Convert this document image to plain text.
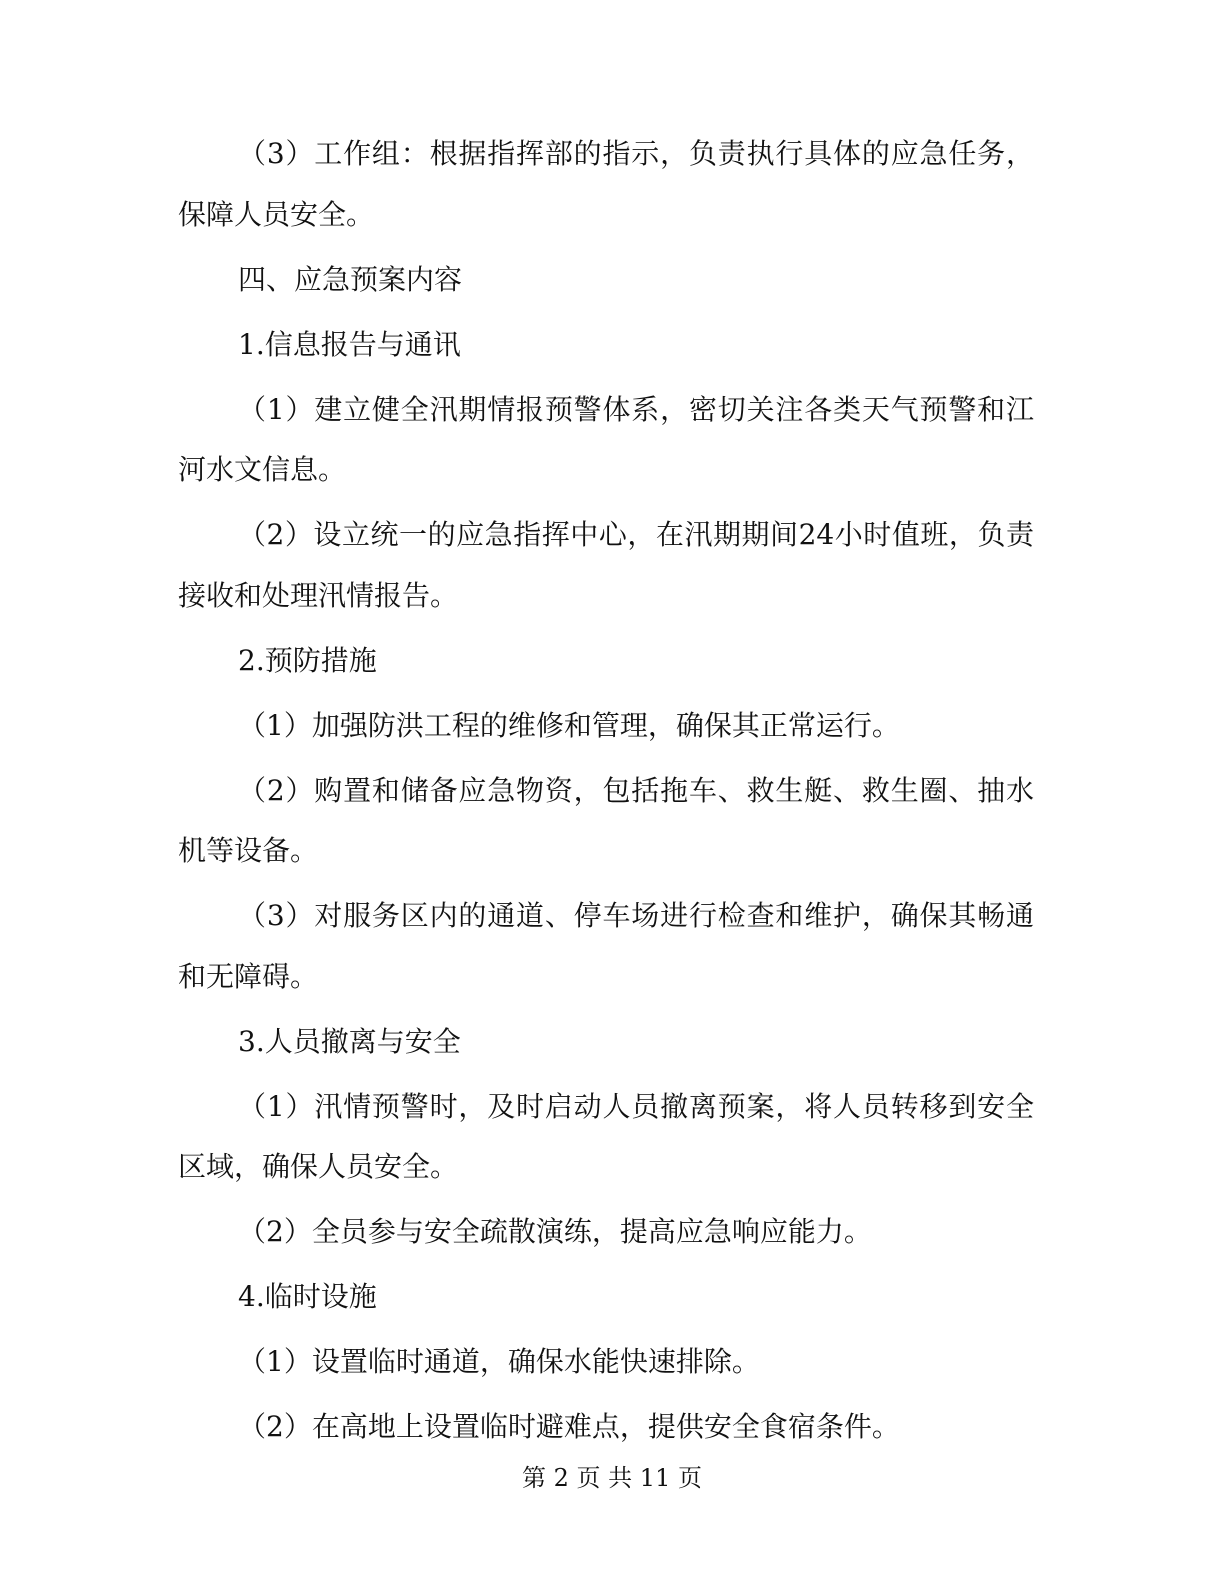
（3）工作组：根据指挥部的指示，负责执行具体的应急任务，保障人员安全。

四、应急预案内容

1.信息报告与通讯

（1）建立健全汛期情报预警体系，密切关注各类天气预警和江河水文信息。

（2）设立统一的应急指挥中心，在汛期期间24小时值班，负责接收和处理汛情报告。

2.预防措施

（1）加强防洪工程的维修和管理，确保其正常运行。

（2）购置和储备应急物资，包括拖车、救生艇、救生圈、抽水机等设备。

（3）对服务区内的通道、停车场进行检查和维护，确保其畅通和无障碍。

3.人员撤离与安全

（1）汛情预警时，及时启动人员撤离预案，将人员转移到安全区域，确保人员安全。

（2）全员参与安全疏散演练，提高应急响应能力。

4.临时设施

（1）设置临时通道，确保水能快速排除。

（2）在高地上设置临时避难点，提供安全食宿条件。

第 2 页 共 11 页
